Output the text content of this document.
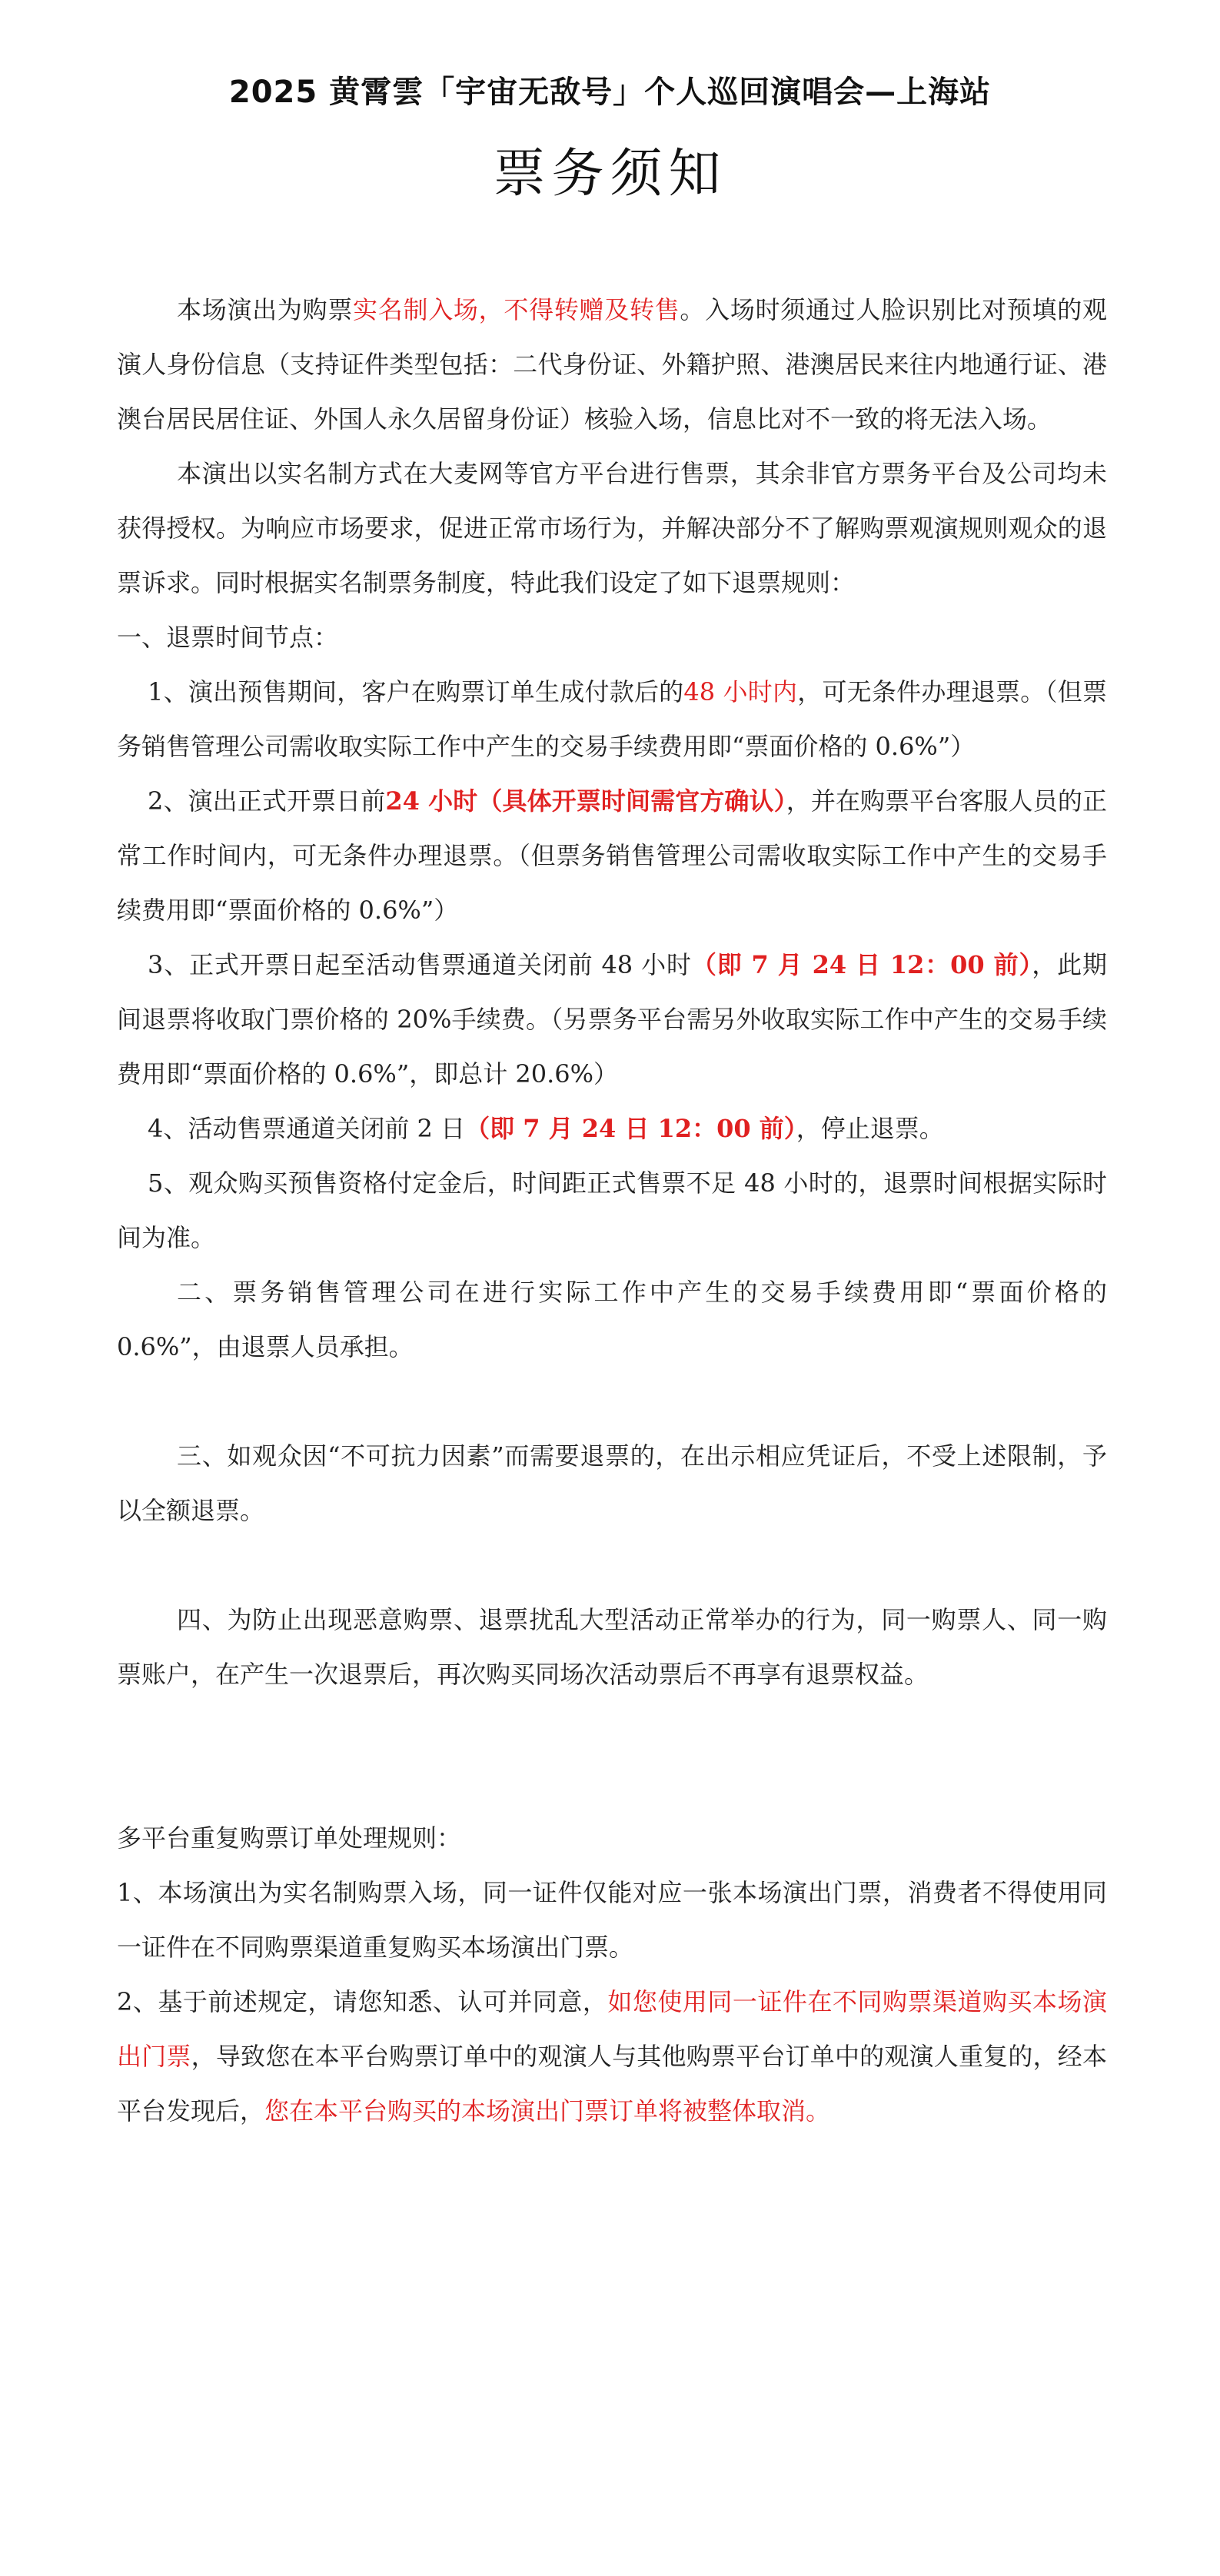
2025 黄霄雲「宇宙无敌号」个人巡回演唱会—上海站
票务须知

本场演出为购票实名制入场，不得转赠及转售。入场时须通过人脸识别比对预填的观演人身份信息（支持证件类型包括：二代身份证、外籍护照、港澳居民来往内地通行证、港澳台居民居住证、外国人永久居留身份证）核验入场，信息比对不一致的将无法入场。

本演出以实名制方式在大麦网等官方平台进行售票，其余非官方票务平台及公司均未获得授权。为响应市场要求，促进正常市场行为，并解决部分不了解购票观演规则观众的退票诉求。同时根据实名制票务制度，特此我们设定了如下退票规则：

一、退票时间节点：

1、演出预售期间，客户在购票订单生成付款后的48 小时内，可无条件办理退票。（但票务销售管理公司需收取实际工作中产生的交易手续费用即“票面价格的 0.6%”）

2、演出正式开票日前24 小时（具体开票时间需官方确认），并在购票平台客服人员的正常工作时间内，可无条件办理退票。（但票务销售管理公司需收取实际工作中产生的交易手续费用即“票面价格的 0.6%”）

3、正式开票日起至活动售票通道关闭前 48 小时（即 7 月 24 日 12：00 前），此期间退票将收取门票价格的 20%手续费。（另票务平台需另外收取实际工作中产生的交易手续费用即“票面价格的 0.6%”，即总计 20.6%）

4、活动售票通道关闭前 2 日（即 7 月 24 日 12：00 前），停止退票。

5、观众购买预售资格付定金后，时间距正式售票不足 48 小时的，退票时间根据实际时间为准。

二、票务销售管理公司在进行实际工作中产生的交易手续费用即“票面价格的 0.6%”，由退票人员承担。

三、如观众因“不可抗力因素”而需要退票的，在出示相应凭证后，不受上述限制，予以全额退票。

四、为防止出现恶意购票、退票扰乱大型活动正常举办的行为，同一购票人、同一购票账户，在产生一次退票后，再次购买同场次活动票后不再享有退票权益。

多平台重复购票订单处理规则：

1、本场演出为实名制购票入场，同一证件仅能对应一张本场演出门票，消费者不得使用同一证件在不同购票渠道重复购买本场演出门票。

2、基于前述规定，请您知悉、认可并同意，如您使用同一证件在不同购票渠道购买本场演出门票，导致您在本平台购票订单中的观演人与其他购票平台订单中的观演人重复的，经本平台发现后，您在本平台购买的本场演出门票订单将被整体取消。
